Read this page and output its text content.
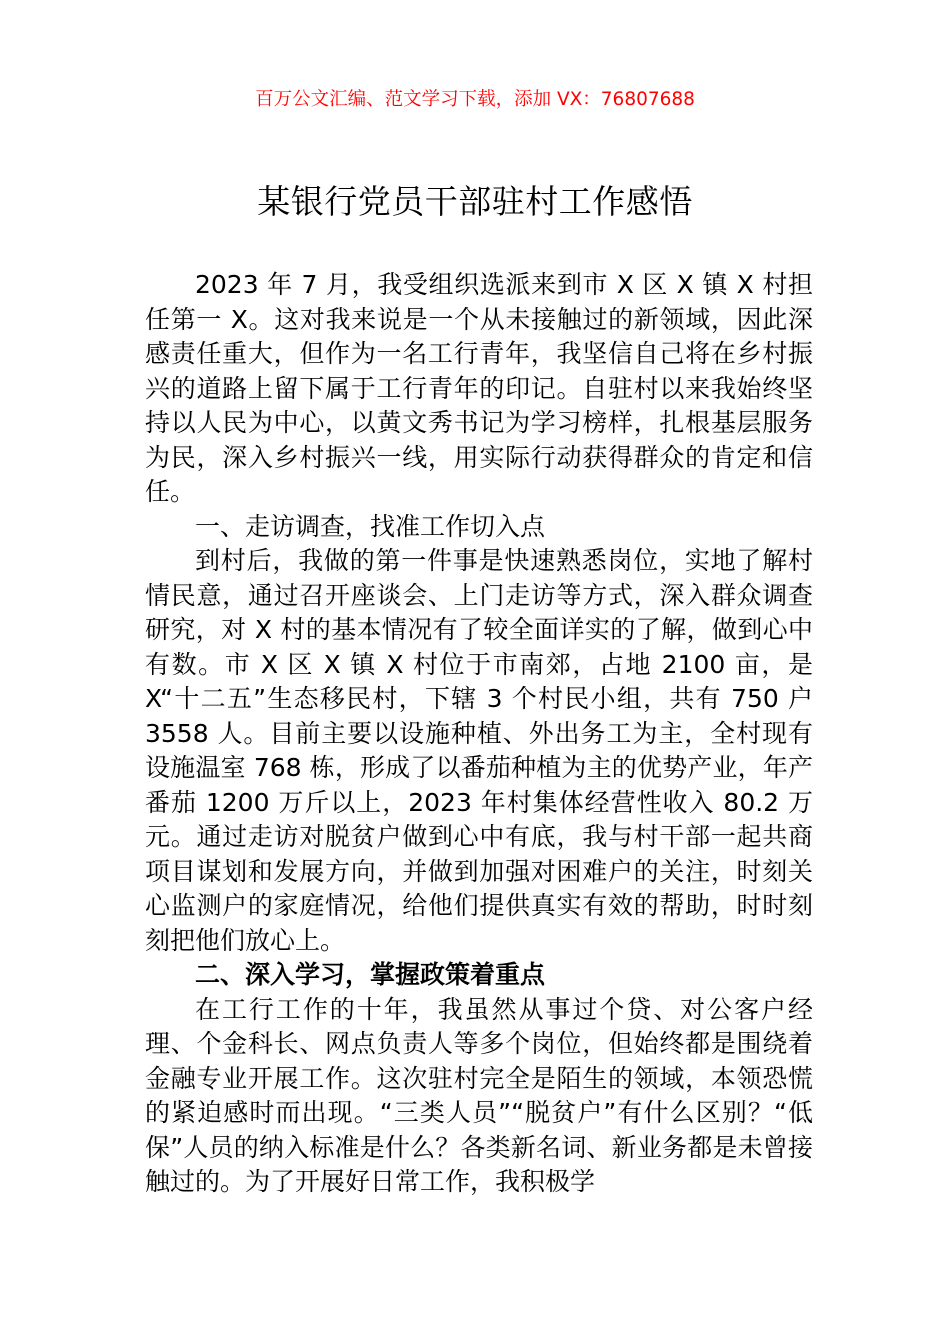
百万公文汇编、范文学习下载，添加 VX：76807688
某银行党员干部驻村工作感悟

2023 年 7 月，我受组织选派来到市 X 区 X 镇 X 村担任第一 X。这对我来说是一个从未接触过的新领域，因此深感责任重大，但作为一名工行青年，我坚信自己将在乡村振兴的道路上留下属于工行青年的印记。自驻村以来我始终坚持以人民为中心，以黄文秀书记为学习榜样，扎根基层服务为民，深入乡村振兴一线，用实际行动获得群众的肯定和信任。

一、走访调查，找准工作切入点

到村后，我做的第一件事是快速熟悉岗位，实地了解村情民意，通过召开座谈会、上门走访等方式，深入群众调查研究，对 X 村的基本情况有了较全面详实的了解，做到心中有数。市 X 区 X 镇 X 村位于市南郊，占地 2100 亩，是 X“十二五”生态移民村，下辖 3 个村民小组，共有 750 户 3558 人。目前主要以设施种植、外出务工为主，全村现有设施温室 768 栋，形成了以番茄种植为主的优势产业，年产番茄 1200 万斤以上，2023 年村集体经营性收入 80.2 万元。通过走访对脱贫户做到心中有底，我与村干部一起共商项目谋划和发展方向，并做到加强对困难户的关注，时刻关心监测户的家庭情况，给他们提供真实有效的帮助，时时刻刻把他们放心上。

二、深入学习，掌握政策着重点

在工行工作的十年，我虽然从事过个贷、对公客户经理、个金科长、网点负责人等多个岗位，但始终都是围绕着金融专业开展工作。这次驻村完全是陌生的领域，本领恐慌的紧迫感时而出现。“三类人员”“脱贫户”有什么区别？“低保”人员的纳入标准是什么？各类新名词、新业务都是未曾接触过的。为了开展好日常工作，我积极学
